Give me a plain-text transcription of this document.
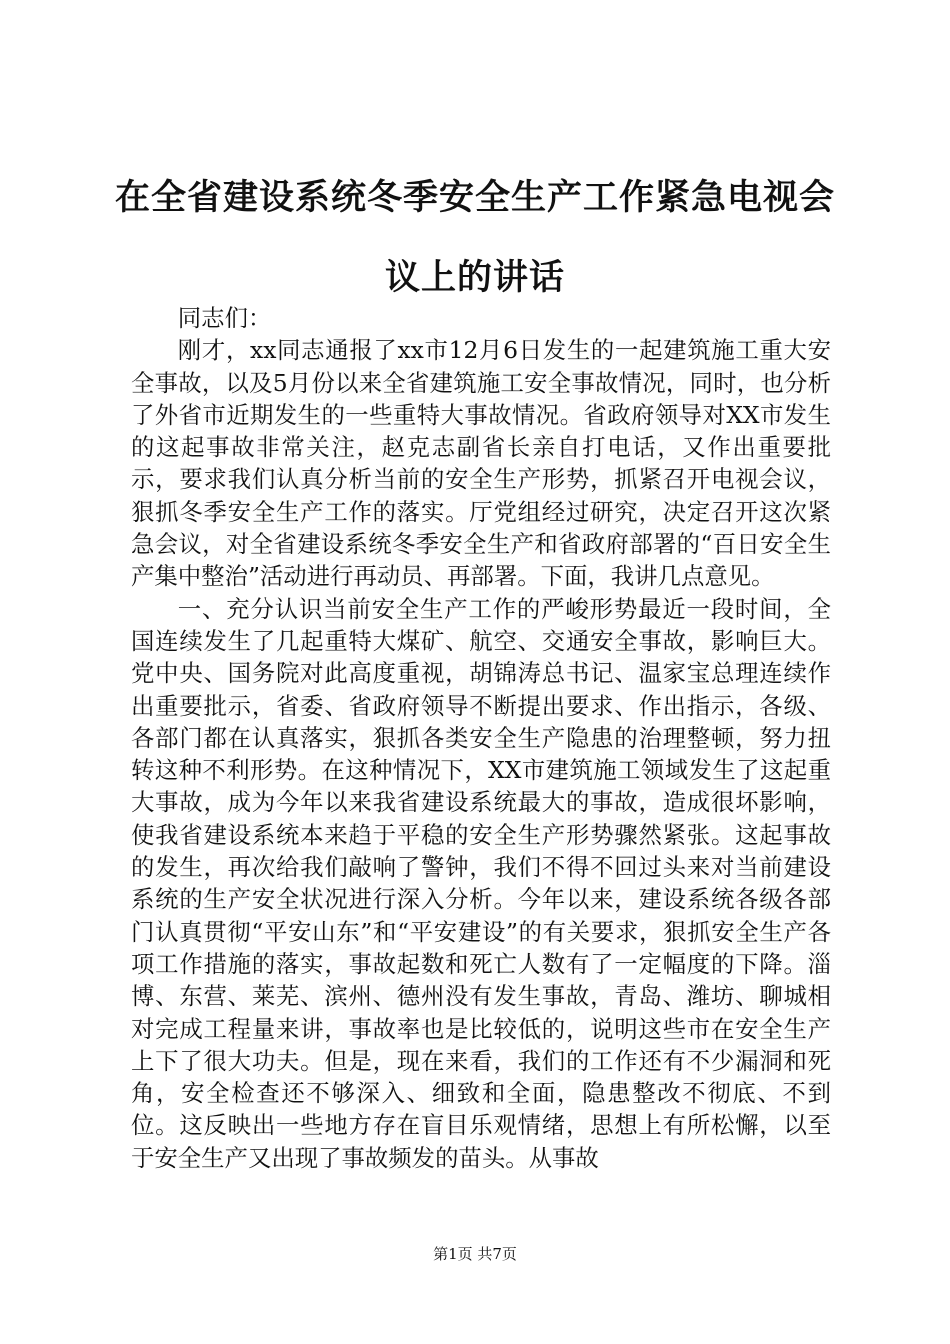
在全省建设系统冬季安全生产工作紧急电视会
议上的讲话

同志们：

刚才，xx同志通报了xx市12月6日发生的一起建筑施工重大安全事故，以及5月份以来全省建筑施工安全事故情况，同时，也分析了外省市近期发生的一些重特大事故情况。省政府领导对XX市发生的这起事故非常关注，赵克志副省长亲自打电话，又作出重要批示，要求我们认真分析当前的安全生产形势，抓紧召开电视会议，狠抓冬季安全生产工作的落实。厅党组经过研究，决定召开这次紧急会议，对全省建设系统冬季安全生产和省政府部署的“百日安全生产集中整治”活动进行再动员、再部署。下面，我讲几点意见。

一、充分认识当前安全生产工作的严峻形势最近一段时间，全国连续发生了几起重特大煤矿、航空、交通安全事故，影响巨大。党中央、国务院对此高度重视，胡锦涛总书记、温家宝总理连续作出重要批示，省委、省政府领导不断提出要求、作出指示，各级、各部门都在认真落实，狠抓各类安全生产隐患的治理整顿，努力扭转这种不利形势。在这种情况下，XX市建筑施工领域发生了这起重大事故，成为今年以来我省建设系统最大的事故，造成很坏影响，使我省建设系统本来趋于平稳的安全生产形势骤然紧张。这起事故的发生，再次给我们敲响了警钟，我们不得不回过头来对当前建设系统的生产安全状况进行深入分析。今年以来，建设系统各级各部门认真贯彻“平安山东”和“平安建设”的有关要求，狠抓安全生产各项工作措施的落实，事故起数和死亡人数有了一定幅度的下降。淄博、东营、莱芜、滨州、德州没有发生事故，青岛、潍坊、聊城相对完成工程量来讲，事故率也是比较低的，说明这些市在安全生产上下了很大功夫。但是，现在来看，我们的工作还有不少漏洞和死角，安全检查还不够深入、细致和全面，隐患整改不彻底、不到位。这反映出一些地方存在盲目乐观情绪，思想上有所松懈，以至于安全生产又出现了事故频发的苗头。从事故

第1页 共7页
